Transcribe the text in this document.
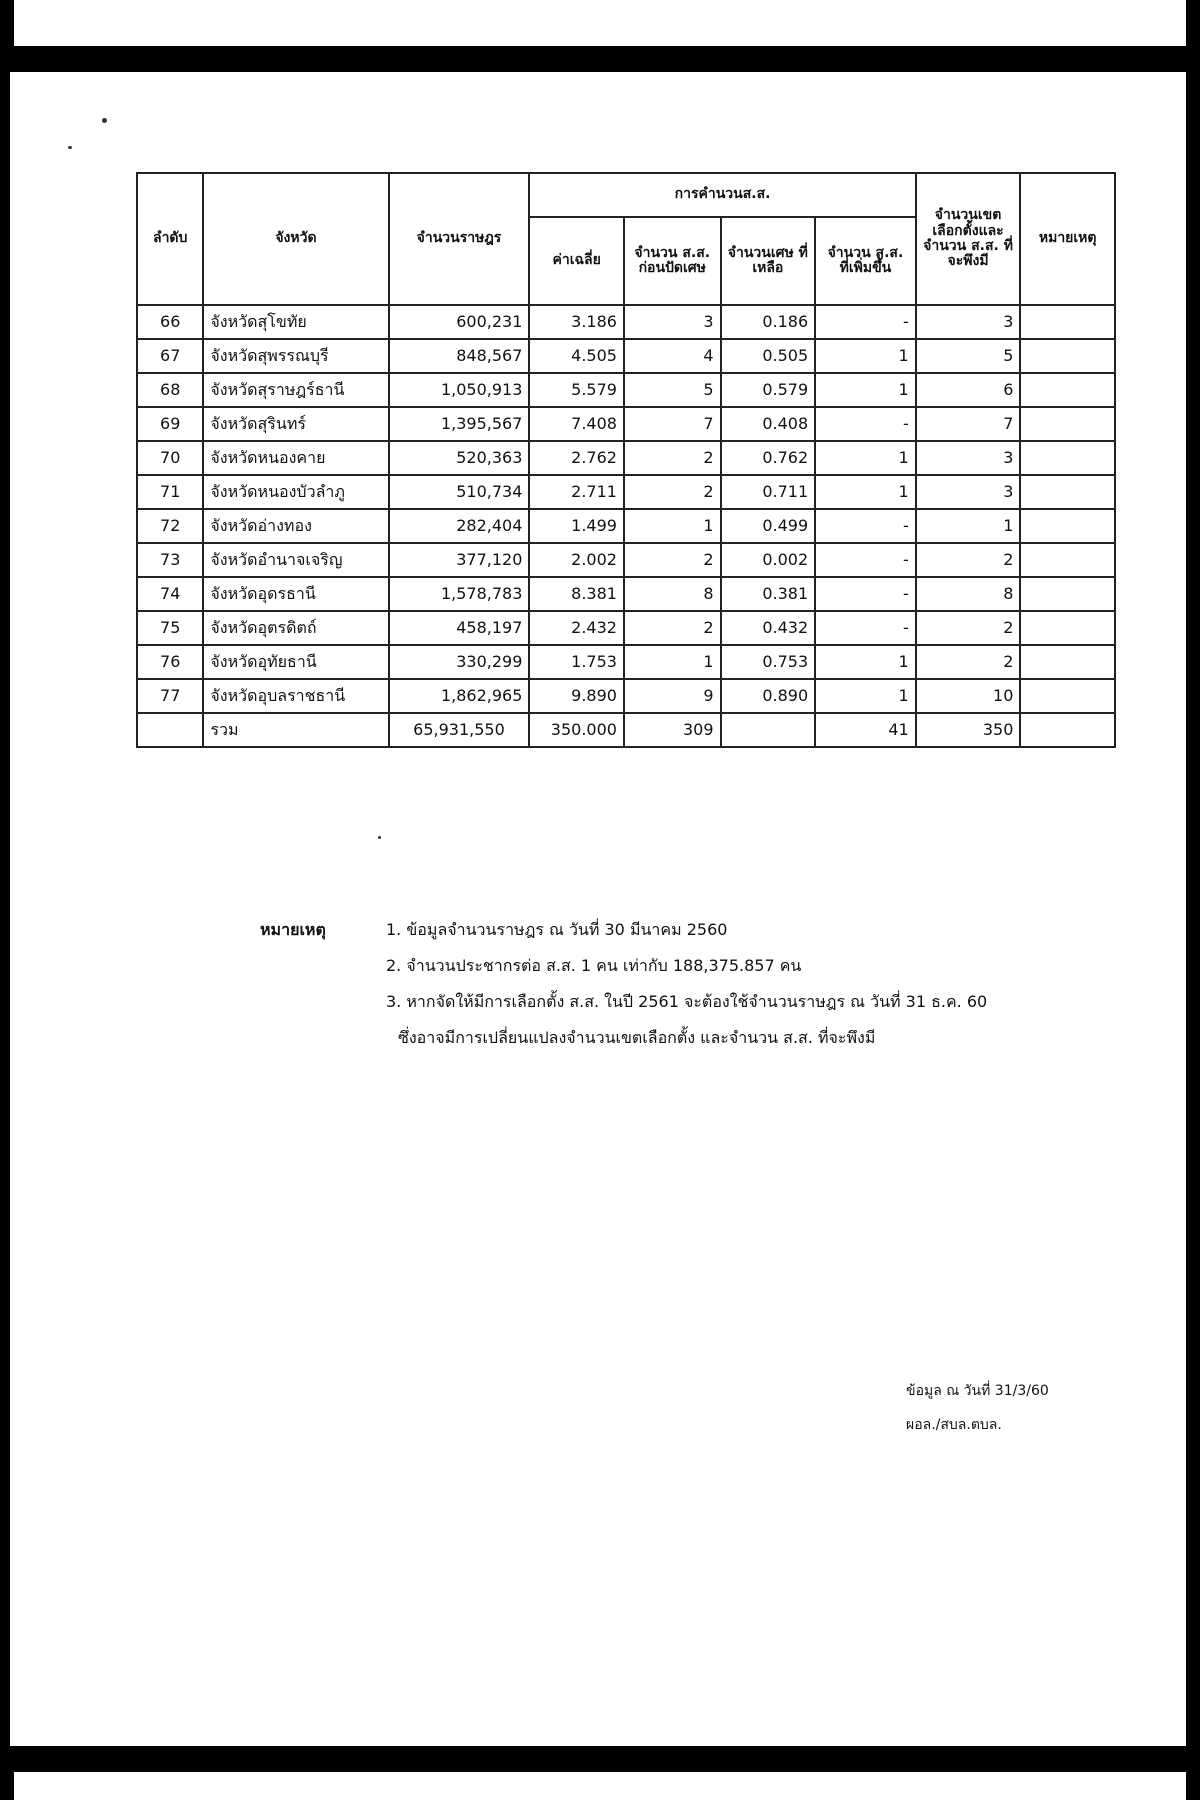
ลำดับ	จังหวัด	จำนวนราษฎร	การคำนวนส.ส.				จำนวนเขต เลือกตั้งและ จำนวน ส.ส. ที่จะพึงมี	หมายเหตุ
			ค่าเฉลี่ย	จำนวน ส.ส. ก่อนปัดเศษ	จำนวนเศษ ที่เหลือ	จำนวน ส.ส. ที่เพิ่มขึ้น		
66	จังหวัดสุโขทัย	600,231	3.186	3	0.186	-	3	
67	จังหวัดสุพรรณบุรี	848,567	4.505	4	0.505	1	5	
68	จังหวัดสุราษฎร์ธานี	1,050,913	5.579	5	0.579	1	6	
69	จังหวัดสุรินทร์	1,395,567	7.408	7	0.408	-	7	
70	จังหวัดหนองคาย	520,363	2.762	2	0.762	1	3	
71	จังหวัดหนองบัวลำภู	510,734	2.711	2	0.711	1	3	
72	จังหวัดอ่างทอง	282,404	1.499	1	0.499	-	1	
73	จังหวัดอำนาจเจริญ	377,120	2.002	2	0.002	-	2	
74	จังหวัดอุดรธานี	1,578,783	8.381	8	0.381	-	8	
75	จังหวัดอุตรดิตถ์	458,197	2.432	2	0.432	-	2	
76	จังหวัดอุทัยธานี	330,299	1.753	1	0.753	1	2	
77	จังหวัดอุบลราชธานี	1,862,965	9.890	9	0.890	1	10	
	รวม	65,931,550	350.000	309		41	350	
หมายเหตุ	1. ข้อมูลจำนวนราษฎร ณ วันที่ 30 มีนาคม 2560
2. จำนวนประชากรต่อ ส.ส. 1 คน เท่ากับ 188,375.857 คน
3. หากจัดให้มีการเลือกตั้ง ส.ส. ในปี 2561 จะต้องใช้จำนวนราษฎร ณ วันที่ 31 ธ.ค. 60
ซึ่งอาจมีการเปลี่ยนแปลงจำนวนเขตเลือกตั้ง และจำนวน ส.ส. ที่จะพึงมี
ข้อมูล ณ วันที่ 31/3/60
ผอล./สบล.ตบล.
